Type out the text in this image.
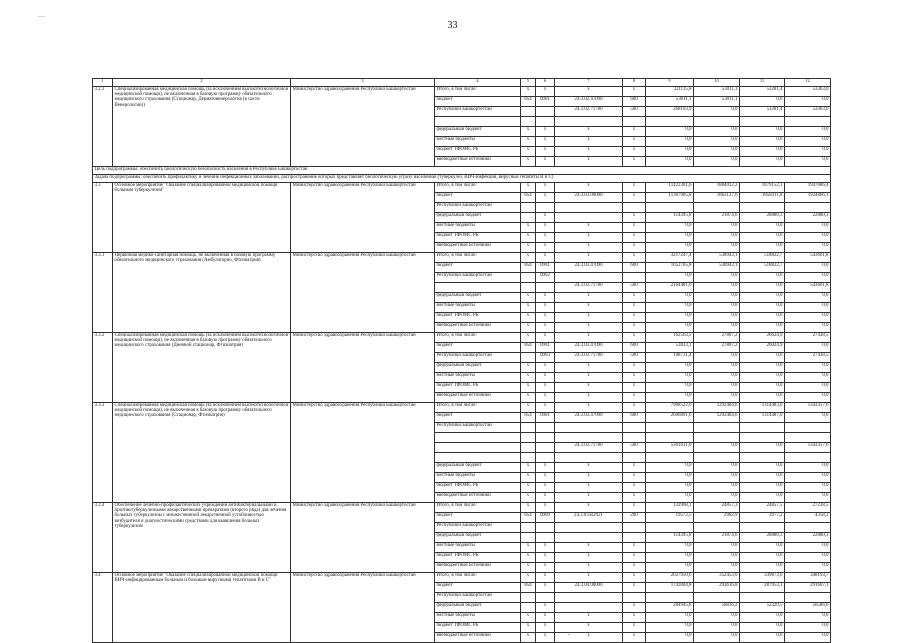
—
33
1	2	3	4	5	6	7	8	9	10	11	12
3.2.3	Специализированная медицинская помощь (за исключением высокотехнологичной медицинской помощи), не включенная в базовую программу обязательного медицинского страхования (Стационар, Дерматовенерология (в части Венерологии))	Министерство здравоохранения Республики Башкортостан	Итого, в том числе:	х	х	х	х	321115,8	53011,1	53281,4	53363,0
			бюджет	854	0901	24.3.02.47090	600	53011,1	53011,1	0,0	0,0
			Республики Башкортостан			24.3.02.71780	500	268103,9	0,0	53281,4	53363,0

			федеральный бюджет	х	х	х	х	0,0	0,0	0,0	0,0
			местные бюджеты	х	х	х	х	0,0	0,0	0,0	0,0
			бюджет ТФОМС РБ	х	х	х	х	0,0	0,0	0,0	0,0
			внебюджетные источники	х	х	х	х	0,0	0,0	0,0	0,0
Цель подпрограммы: обеспечить биологическую безопасность населения в Республике Башкортостан											
Задача подпрограммы: обеспечить профилактику и лечение инфекционных заболеваний, распространение которых представляет биологическую угрозу населению (туберкулез, ВИЧ-инфекция, вирусные гепатиты В и С)											
3.3	Основное мероприятие "Оказание специализированной медицинской помощи больным туберкулезом"	Министерство здравоохранения Республики Башкортостан	Итого, в том числе:	х	х	х	х	11422301,6	1884012,2	1879152,1	1947686,4
			бюджет	854	х	24.3.03.00000	х	11307905,8	1862137,6	1858311,8	1924866,1
			Республики Башкортостан								
			федеральный бюджет		х		х	114395,8	21874,6	20880,3	22880,3
			местные бюджеты	х	х	х	х	0,0	0,0	0,0	0,0
			бюджет ТФОМС РБ	х	х	х	х	0,0	0,0	0,0	0,0
			внебюджетные источники	х	х	х	х	0,0	0,0	0,0	0,0
3.3.1	Первичная медико-санитарная помощь, не включенная в базовую программу обязательного медицинского страхования (Амбулаторно, Фтизиатрия)	Министерство здравоохранения Республики Башкортостан	Итого, в том числе:	х	х	х	х	3217247,4	538943,1	518822,7	543661,8
			бюджет	854	0901	24.3.03.47090	600	1052765,8	538943,1	518822,7	0,0
			Республики Башкортостан		0902			0,0	0,0	0,0	0,0
						24.3.03.71780	500	2164481,6	0,0	0,0	543661,8
			федеральный бюджет	х	х	х	х	0,0	0,0	0,0	0,0
			местные бюджеты	х	х	х	х	0,0	0,0	0,0	0,0
			бюджет ТФОМС РБ	х	х	х	х	0,0	0,0	0,0	0,0
			внебюджетные источники	х	х	х	х	0,0	0,0	0,0	0,0
3.3.2	Специализированная медицинская помощь (за исключением высокотехнологичной медицинской помощи), не включенная в базовую программу обязательного медицинского страхования (Дневной стационар, Фтизиатрия)	Министерство здравоохранения Республики Башкортостан	Итого, в том числе:	х	х	х	х	162563,5	27807,2	26624,9	27438,5
			бюджет	854	0901	24.3.03.47090	600	53833,1	27807,2	26024,9	0,0
			Республики Башкортостан		0903	24.3.03.71780	500	108731,4	0,0	0,0	27438,5
			федеральный бюджет	х	х	х	х	0,0	0,0	0,0	0,0
			местные бюджеты	х	х	х	х	0,0	0,0	0,0	0,0
			бюджет ТФОМС РБ	х	х	х	х	0,0	0,0	0,0	0,0
			внебюджетные источники	х	х	х	х	0,0	0,0	0,0	0,0
3.3.3	Специализированная медицинская помощь (за исключением высокотехнологичной медицинской помощи), не включенная в базовую программу обязательного медицинского страхования (Стационар, Фтизиатрия)	Министерство здравоохранения Республики Башкортостан	Итого, в том числе:	х	х	х	х	7908522,6	1292404,6	1314483,0	1343357,6
			бюджет	854	0901	24.3.03.47090	600	2606891,6	1292404,6	1314487,0	0,0
			Республики Башкортостан								

						24.3.03.71780	500	5301631,0	0,0	0,0	1343357,6

			федеральный бюджет	х	х	х	х	0,0	0,0	0,0	0,0
			местные бюджеты	х	х	х	х	0,0	0,0	0,0	0,0
			бюджет ТФОМС РБ	х	х	х	х	0,0	0,0	0,0	0,0
			внебюджетные источники	х	х	х	х	0,0	0,0	0,0	0,0
3.3.4	Обеспечение лечебно-профилактических учреждений антибактериальными и противотуберкулезными лекарственными препаратами (второго ряда) для лечения больных туберкулезом с множественной лекарственной устойчивостью возбудителя и диагностическими средствами для выявления больных туберкулезом	Министерство здравоохранения Республики Башкортостан	Итого, в том числе:	х	х	х	х	133968,1	24857,3	24857,5	27238,5
			бюджет	854	0909	24.3.03.R2021	200	19572,5	2982,9	3977,2	4358,2
			Республики Башкортостан								
			федеральный бюджет					114395,8	21874,6	20880,3	22880,3
			местные бюджеты	х	х	х	х	0,0	0,0	0,0	0,0
			бюджет ТФОМС РБ	х	х	х	х	0,0	0,0	0,0	0,0
			внебюджетные источники	х	х	х	х	0,0	0,0	0,0	0,0
3.4	Основное мероприятие "Оказание специализированной медицинской помощи ВИЧ-инфицированным больным и больным вирусными гепатитами В и С"	Министерство здравоохранения Республики Башкортостан	Итого, в том числе:	х	х	х	х	2027950,6	352453,0	339873,6	348193,7
			бюджет	854	х	24.3.04.00000	х	1743004,8	293616,8	287953,1	291607,1
			Республики Башкортостан								
			федеральный бюджет		х		х	284945,8	58836,2	52320,5	56586,6
			местные бюджеты	х	х	х	х	0,0	0,0	0,0	0,0
			бюджет ТФОМС РБ	х	х	х	х	0,0	0,0	0,0	0,0
			внебюджетные источники	х	х	х	х	0,0	0,0	0,0	0,0
.
